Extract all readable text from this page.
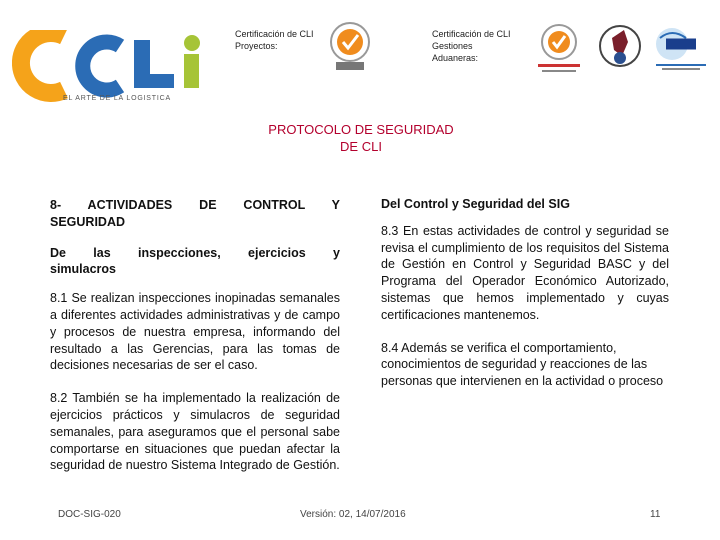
EL ARTE DE LA LOGISTICA
Certificación de CLI
Proyectos:
Certificación de CLI
Gestiones
Aduaneras:
PROTOCOLO DE SEGURIDAD
DE CLI
8- ACTIVIDADES DE CONTROL Y
SEGURIDAD
De las inspecciones, ejercicios y
simulacros

8.1 Se realizan inspecciones inopinadas semanales a diferentes actividades administrativas y de campo y procesos de nuestra empresa, informando del resultado a las Gerencias, para las tomas de decisiones necesarias de ser el caso.

8.2 También se ha implementado la realización de ejercicios prácticos y simulacros de seguridad semanales, para aseguramos que el personal sabe comportarse en situaciones que puedan afectar la seguridad de nuestro Sistema Integrado de Gestión.

Del Control y Seguridad del SIG

8.3 En estas actividades de control y seguridad se revisa el cumplimiento de los requisitos del Sistema de Gestión en Control y Seguridad BASC y del Programa del Operador Económico Autorizado, sistemas que hemos implementado y cuyas certificaciones mantenemos.

8.4 Además se verifica el comportamiento, conocimientos de seguridad y reacciones de las personas que intervienen en la actividad o proceso

DOC-SIG-020	Versión: 02, 14/07/2016	11
